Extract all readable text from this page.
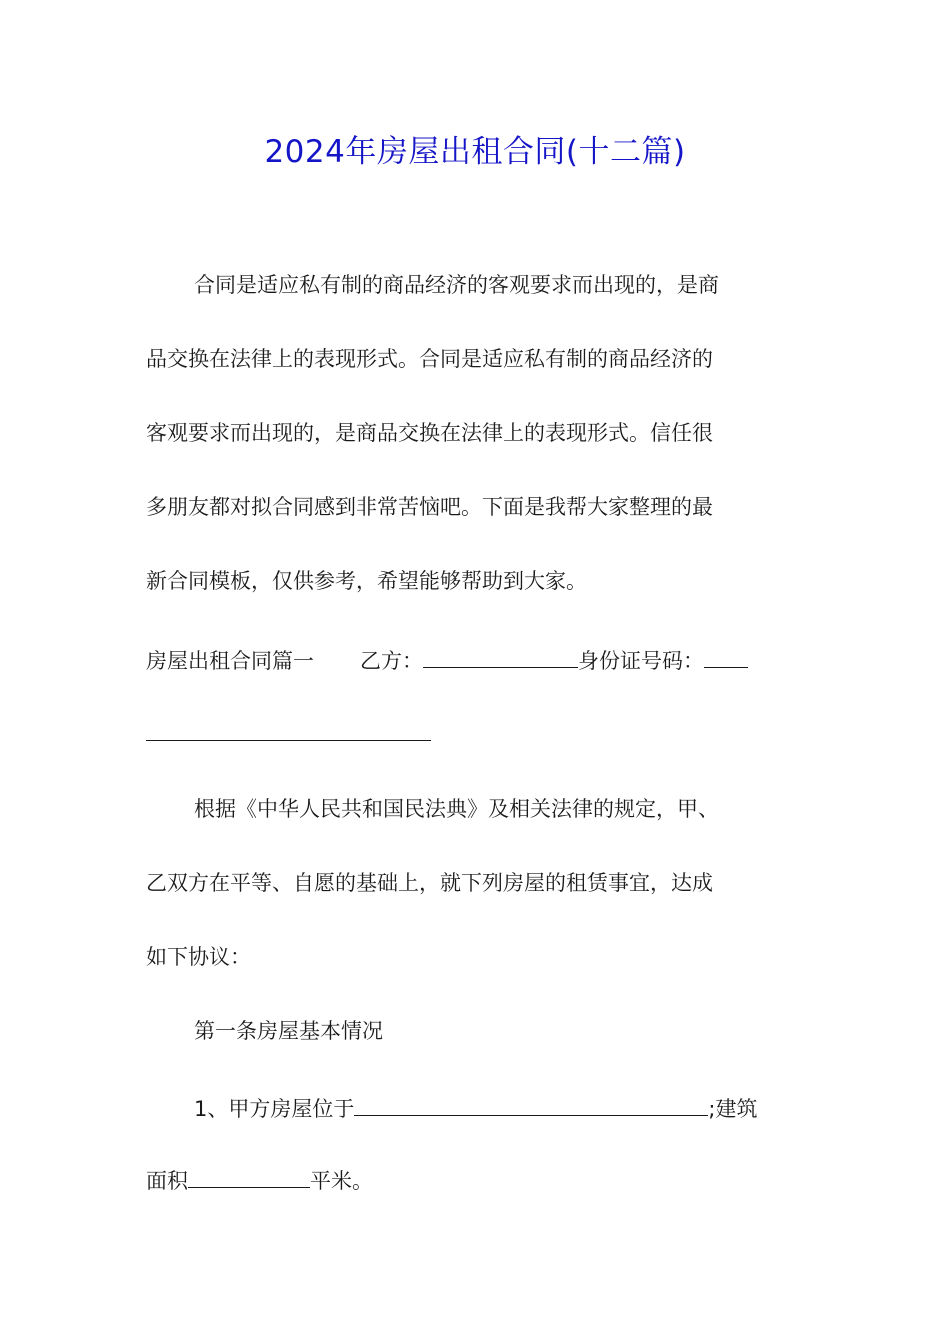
2024年房屋出租合同(十二篇)
合同是适应私有制的商品经济的客观要求而出现的，是商
品交换在法律上的表现形式。合同是适应私有制的商品经济的
客观要求而出现的，是商品交换在法律上的表现形式。信任很
多朋友都对拟合同感到非常苦恼吧。下面是我帮大家整理的最
新合同模板，仅供参考，希望能够帮助到大家。
房屋出租合同篇一 乙方：	身份证号码：
根据《中华人民共和国民法典》及相关法律的规定，甲、
乙双方在平等、自愿的基础上，就下列房屋的租赁事宜，达成
如下协议：
第一条房屋基本情况
1、甲方房屋位于	;建筑
面积	平米。
